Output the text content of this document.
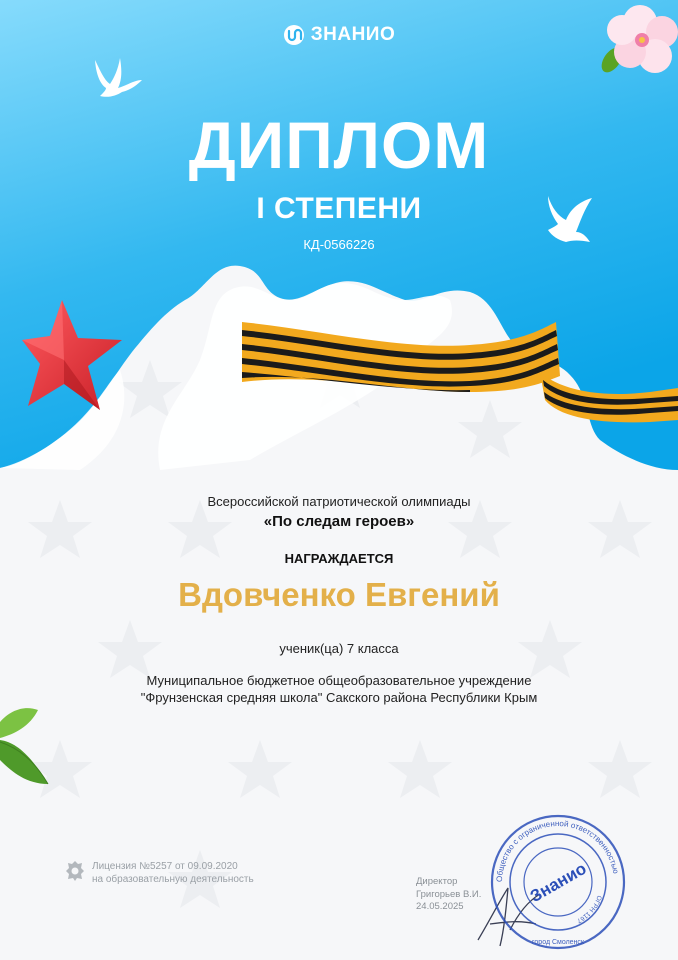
ЗНАНИО
ДИПЛОМ
I СТЕПЕНИ
КД-0566226
Всероссийской патриотической олимпиады
«По следам героев»
НАГРАЖДАЕТСЯ
Вдовченко Евгений
ученик(ца) 7 класса
Муниципальное бюджетное общеобразовательное учреждение
"Фрунзенская средняя школа" Сакского района Республики Крым
Лицензия №5257 от 09.09.2020
на образовательную деятельность	Директор
Григорьев В.И.
24.05.2025
Общество с ограниченной ответственностью
ОГРН 1167
город Смоленск
Знанио
